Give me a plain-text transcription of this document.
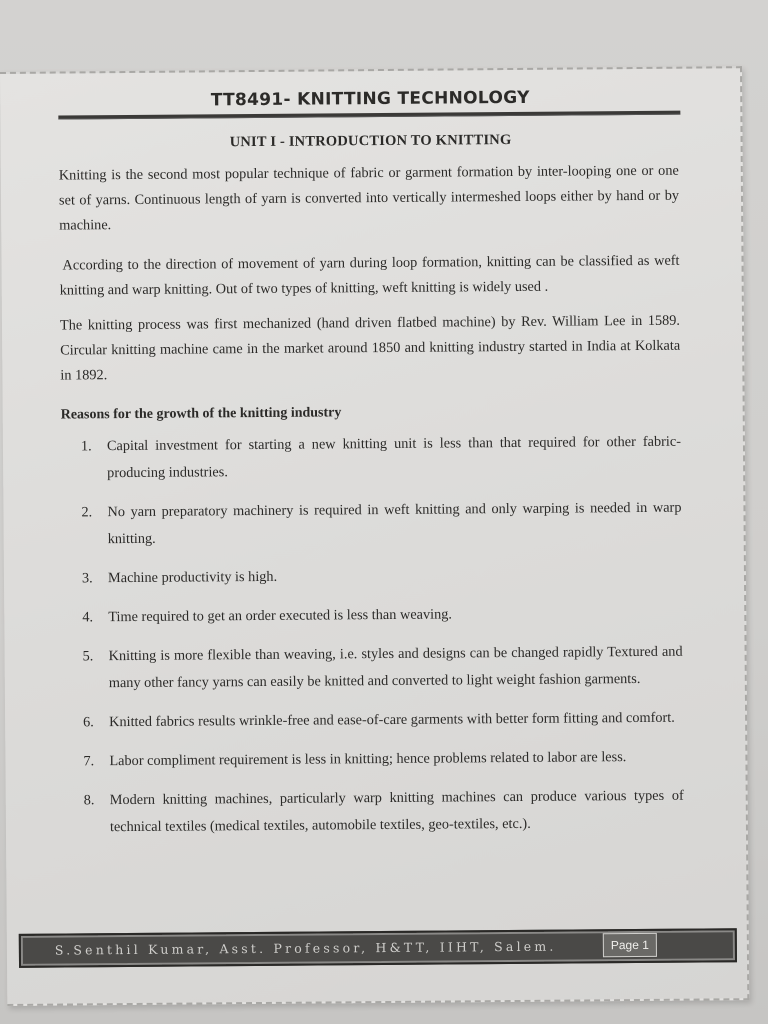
TT8491- KNITTING TECHNOLOGY
UNIT I - INTRODUCTION TO KNITTING

Knitting is the second most popular technique of fabric or garment formation by inter-looping one or one set of yarns. Continuous length of yarn is converted into vertically intermeshed loops either by hand or by machine.

According to the direction of movement of yarn during loop formation, knitting can be classified as weft knitting and warp knitting. Out of two types of knitting, weft knitting is widely used .

The knitting process was first mechanized (hand driven flatbed machine) by Rev. William Lee in 1589. Circular knitting machine came in the market around 1850 and knitting industry started in India at Kolkata in 1892.

Reasons for the growth of the knitting industry
1. Capital investment for starting a new knitting unit is less than that required for other fabric-producing industries.
2. No yarn preparatory machinery is required in weft knitting and only warping is needed in warp knitting.
3. Machine productivity is high.
4. Time required to get an order executed is less than weaving.
5. Knitting is more flexible than weaving, i.e. styles and designs can be changed rapidly Textured and many other fancy yarns can easily be knitted and converted to light weight fashion garments.
6. Knitted fabrics results wrinkle-free and ease-of-care garments with better form fitting and comfort.
7. Labor compliment requirement is less in knitting; hence problems related to labor are less.
8. Modern knitting machines, particularly warp knitting machines can produce various types of technical textiles (medical textiles, automobile textiles, geo-textiles, etc.).
S.Senthil Kumar, Asst. Professor, H&TT, IIHT, Salem.	Page 1
